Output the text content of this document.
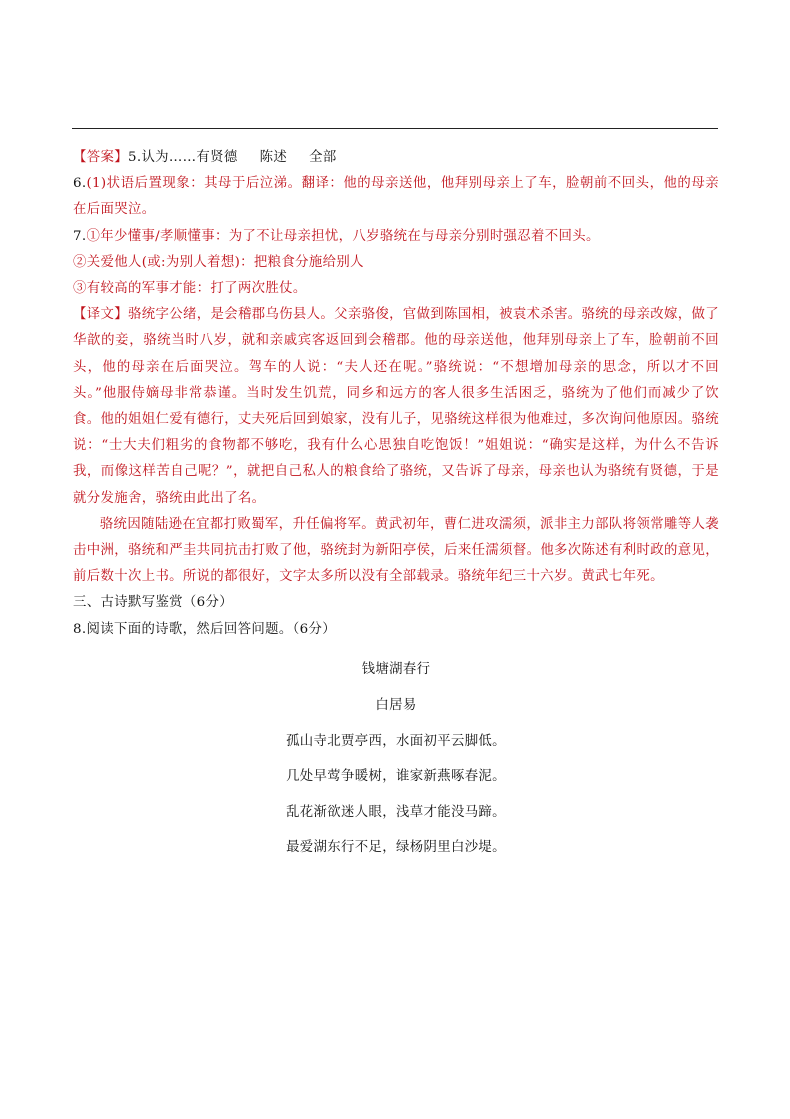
【答案】5.认为……有贤德 陈述 全部

6.(1)状语后置现象：其母于后泣涕。翻译：他的母亲送他，他拜别母亲上了车，脸朝前不回头，他的母亲在后面哭泣。

7.①年少懂事/孝顺懂事：为了不让母亲担忧，八岁骆统在与母亲分别时强忍着不回头。

②关爱他人(或:为别人着想)：把粮食分施给别人

③有较高的军事才能：打了两次胜仗。

【译文】骆统字公绪，是会稽郡乌伤县人。父亲骆俊，官做到陈国相，被袁术杀害。骆统的母亲改嫁，做了华歆的妾，骆统当时八岁，就和亲戚宾客返回到会稽郡。他的母亲送他，他拜别母亲上了车，脸朝前不回头，他的母亲在后面哭泣。驾车的人说：“夫人还在呢。”骆统说：“不想增加母亲的思念，所以才不回头。”他服侍嫡母非常恭谨。当时发生饥荒，同乡和远方的客人很多生活困乏，骆统为了他们而减少了饮食。他的姐姐仁爱有德行，丈夫死后回到娘家，没有儿子，见骆统这样很为他难过，多次询问他原因。骆统说：“士大夫们粗劣的食物都不够吃，我有什么心思独自吃饱饭！”姐姐说：“确实是这样，为什么不告诉我，而像这样苦自己呢？”，就把自己私人的粮食给了骆统，又告诉了母亲，母亲也认为骆统有贤德，于是就分发施舍，骆统由此出了名。

骆统因随陆逊在宜都打败蜀军，升任偏将军。黄武初年，曹仁进攻濡须，派非主力部队将领常雕等人袭击中洲，骆统和严圭共同抗击打败了他，骆统封为新阳亭侯，后来任濡须督。他多次陈述有利时政的意见，前后数十次上书。所说的都很好，文字太多所以没有全部载录。骆统年纪三十六岁。黄武七年死。

三、古诗默写鉴赏（6分）

8.阅读下面的诗歌，然后回答问题。（6分）

钱塘湖春行
白居易
孤山寺北贾亭西，水面初平云脚低。
几处早莺争暖树，谁家新燕啄春泥。
乱花渐欲迷人眼，浅草才能没马蹄。
最爱湖东行不足，绿杨阴里白沙堤。
